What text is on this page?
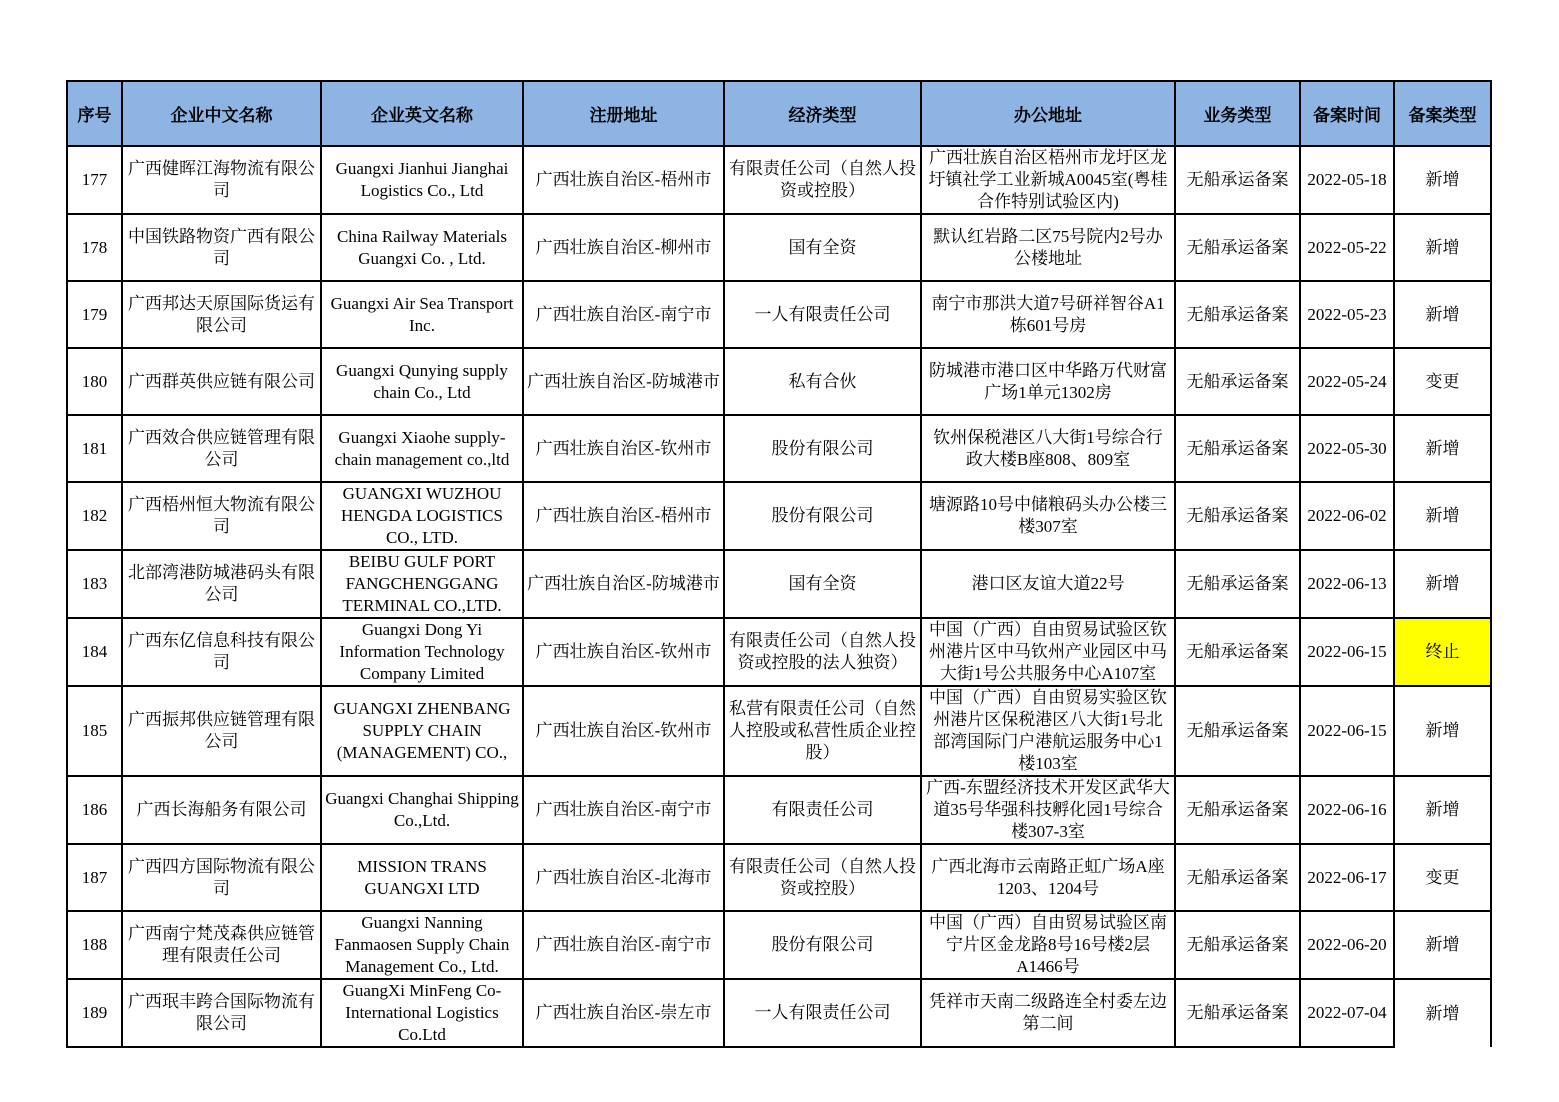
序号	企业中文名称	企业英文名称	注册地址	经济类型	办公地址	业务类型	备案时间	备案类型
177	广西健晖江海物流有限公司	Guangxi Jianhui Jianghai Logistics Co., Ltd	广西壮族自治区-梧州市	有限责任公司（自然人投资或控股）	广西壮族自治区梧州市龙圩区龙圩镇社学工业新城A0045室(粤桂合作特别试验区内)	无船承运备案	2022-05-18	新增
178	中国铁路物资广西有限公司	China Railway Materials Guangxi Co. , Ltd.	广西壮族自治区-柳州市	国有全资	默认红岩路二区75号院内2号办公楼地址	无船承运备案	2022-05-22	新增
179	广西邦达天原国际货运有限公司	Guangxi Air Sea Transport Inc.	广西壮族自治区-南宁市	一人有限责任公司	南宁市那洪大道7号研祥智谷A1栋601号房	无船承运备案	2022-05-23	新增
180	广西群英供应链有限公司	Guangxi Qunying supply chain Co., Ltd	广西壮族自治区-防城港市	私有合伙	防城港市港口区中华路万代财富广场1单元1302房	无船承运备案	2022-05-24	变更
181	广西效合供应链管理有限公司	Guangxi Xiaohe supply-chain management co.,ltd	广西壮族自治区-钦州市	股份有限公司	钦州保税港区八大街1号综合行政大楼B座808、809室	无船承运备案	2022-05-30	新增
182	广西梧州恒大物流有限公司	GUANGXI WUZHOU HENGDA LOGISTICS CO., LTD.	广西壮族自治区-梧州市	股份有限公司	塘源路10号中储粮码头办公楼三楼307室	无船承运备案	2022-06-02	新增
183	北部湾港防城港码头有限公司	BEIBU GULF PORT FANGCHENGGANG TERMINAL CO.,LTD.	广西壮族自治区-防城港市	国有全资	港口区友谊大道22号	无船承运备案	2022-06-13	新增
184	广西东亿信息科技有限公司	Guangxi Dong Yi Information Technology Company Limited	广西壮族自治区-钦州市	有限责任公司（自然人投资或控股的法人独资）	中国（广西）自由贸易试验区钦州港片区中马钦州产业园区中马大街1号公共服务中心A107室	无船承运备案	2022-06-15	终止
185	广西振邦供应链管理有限公司	GUANGXI ZHENBANG SUPPLY CHAIN (MANAGEMENT) CO.,	广西壮族自治区-钦州市	私营有限责任公司（自然人控股或私营性质企业控股）	中国（广西）自由贸易实验区钦州港片区保税港区八大街1号北部湾国际门户港航运服务中心1楼103室	无船承运备案	2022-06-15	新增
186	广西长海船务有限公司	Guangxi Changhai Shipping Co.,Ltd.	广西壮族自治区-南宁市	有限责任公司	广西-东盟经济技术开发区武华大道35号华强科技孵化园1号综合楼307-3室	无船承运备案	2022-06-16	新增
187	广西四方国际物流有限公司	MISSION TRANS GUANGXI LTD	广西壮族自治区-北海市	有限责任公司（自然人投资或控股）	广西北海市云南路正虹广场A座1203、1204号	无船承运备案	2022-06-17	变更
188	广西南宁梵茂森供应链管理有限责任公司	Guangxi Nanning Fanmaosen Supply Chain Management Co., Ltd.	广西壮族自治区-南宁市	股份有限公司	中国（广西）自由贸易试验区南宁片区金龙路8号16号楼2层A1466号	无船承运备案	2022-06-20	新增
189	广西珉丰跨合国际物流有限公司	GuangXi MinFeng Co-International Logistics Co.Ltd	广西壮族自治区-崇左市	一人有限责任公司	凭祥市天南二级路连全村委左边第二间	无船承运备案	2022-07-04	新增
